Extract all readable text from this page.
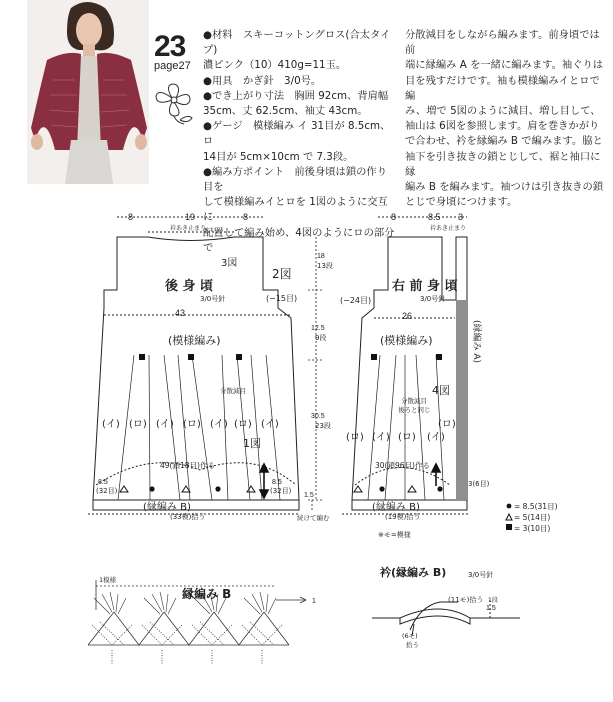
23
page27

●材料　スキーコットングロス(合太タイプ)

濃ピンク（10）410g=11玉。

●用具　かぎ針　3/0号。

●でき上がり寸法　胸囲 92cm、背肩幅

35cm、丈 62.5cm、袖丈 43cm。

●ゲージ　模様編み イ 31目が 8.5cm、ロ

14目が 5cm×10cm で 7.3段。

●編み方ポイント　前後身頃は鎖の作り目を

して模様編みイとロを 1図のように交互に

配置して編み始め、4図のようにロの部分で

分散減目をしながら編みます。前身頃では前

端に縁編み A を一緒に編みます。袖ぐりは

目を残すだけです。袖も模様編みイとロで編

み、増で 5図のように減目、増し目して、

袖山は 6図を参照します。肩を巻きかがり

で合わせ、衿を縁編み B で編みます。脇と

袖下を引き抜きの鎖とじして、裾と袖口に縁

編み B を編みます。袖つけは引き抜きの鎖

とじで身頃につけます。

8	19	8
衿あき止まり
3図
2図
後 身 頃
3/0号針	(−15目)
43
(模様編み)
分散減目
(イ) (ロ) (イ) (ロ) (イ) (ロ) (イ)
1図
49(鎖18目)作る
8.5
(32目)
8.5
(32目)
(縁編み B)
(33模)拾う
18
13段
12.5
9段
30.5
23段
1.5
続けて編む
8	8.5 3
衿あき止まり
右 前 身 頃
3/0号針
(−24目)
26
(模様編み)	(縁編み A)
分散減目
後ろと同じ
4図
(ロ)
(ロ) (イ) (ロ) (イ)
30(鎖96目)作る
3(6目)
(縁編み B)
(19模)拾う
= 8.5(31目)
= 5(14目)
= 3(10目)
※モ=模様
1模様
縁編み B
1
衿(縁編み B)	3/0号針
(11モ)拾う
1.5
1段
(6モ)
拾う
